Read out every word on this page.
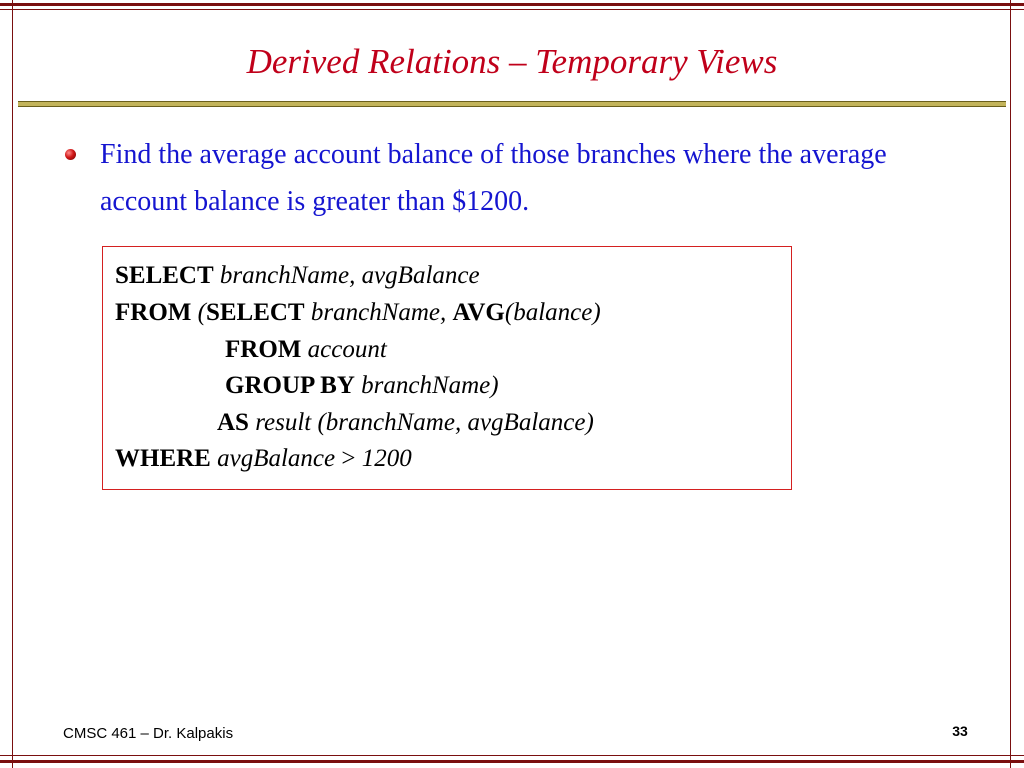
Derived Relations – Temporary Views
Find the average account balance of those branches where the average account balance is greater than $1200.
SELECT branchName, avgBalance
FROM (SELECT branchName, AVG(balance)
FROM account
GROUP BY branchName)
AS result (branchName, avgBalance)
WHERE avgBalance > 1200
CMSC 461 – Dr. Kalpakis	33
